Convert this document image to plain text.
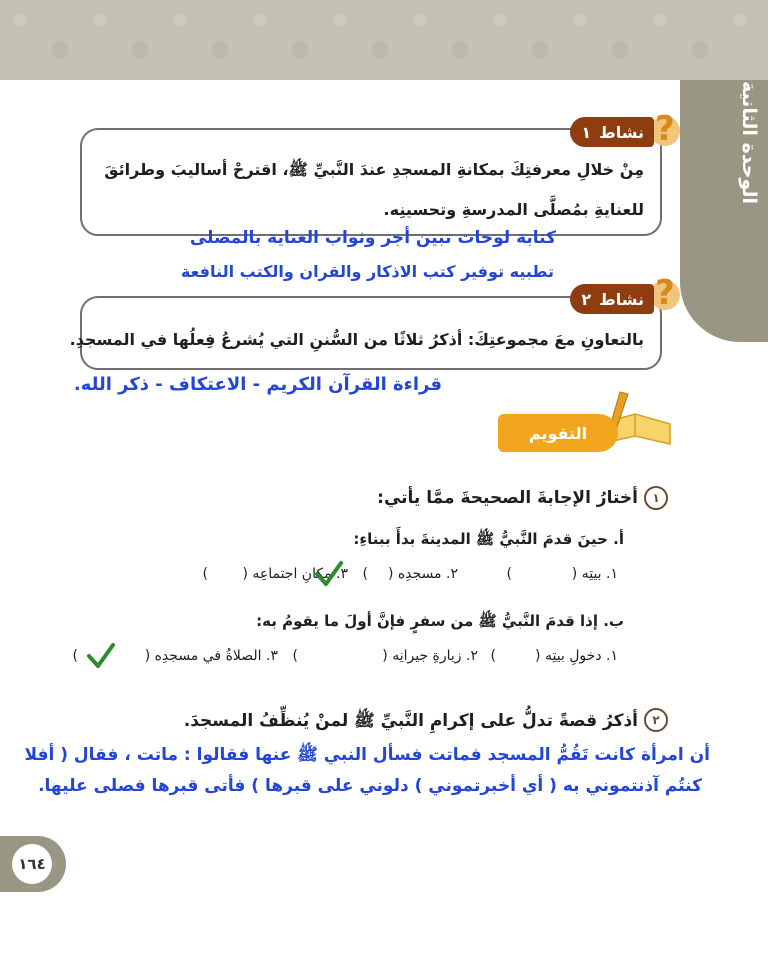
الوحدة الثانية
?
نشاط
١
مِنْ خلالِ معرفتِكَ بمكانةِ المسجدِ عندَ النَّبيِّ ﷺ، اقترحْ أساليبَ وطرائقَ
للعنايةِ بمُصلَّى المدرسةِ وتحسينِه.
كتابة لوحات تبين أجر وثواب العناية بالمصلى
تطبيه توفير كتب الاذكار والقران والكتب النافعة
?
نشاط
٢
بالتعاونِ معَ مجموعتِكَ: أذكرُ ثلاثًا من السُّننِ التي يُشرعُ فِعلُها في المسجدِ.
قراءة القرآن الكريم - الاعتكاف - ذكر الله.
التقويم
١
أختارُ الإجابةَ الصحيحةَ ممَّا يأتي:
أ. حينَ قدمَ النَّبيُّ ﷺ المدينةَ بدأَ ببناءِ:
١. بيتِه (
)
٢. مسجدِه (
)
٣. مكانِ اجتماعِه (
)
ب. إذا قدمَ النَّبيُّ ﷺ من سفرٍ فإنَّ أولَ ما يقومُ به:
١. دخولِ بيتِه (
)
٢. زيارةِ جيرانِه (
)
٣. الصلاةُ في مسجدِه (
)
٢
أذكرُ قصةً تدلُّ على إكرامِ النَّبيِّ ﷺ لمنْ يُنظِّفُ المسجدَ.
أن امرأة كانت تَقُمُّ المسجد فماتت فسأل النبي ﷺ عنها فقالوا : ماتت ، فقال ( أفلا
كنتُم آذنتموني به ( أي أخبرتموني ) دلوني على قبرها ) فأتى قبرها فصلى عليها.
١٦٤
